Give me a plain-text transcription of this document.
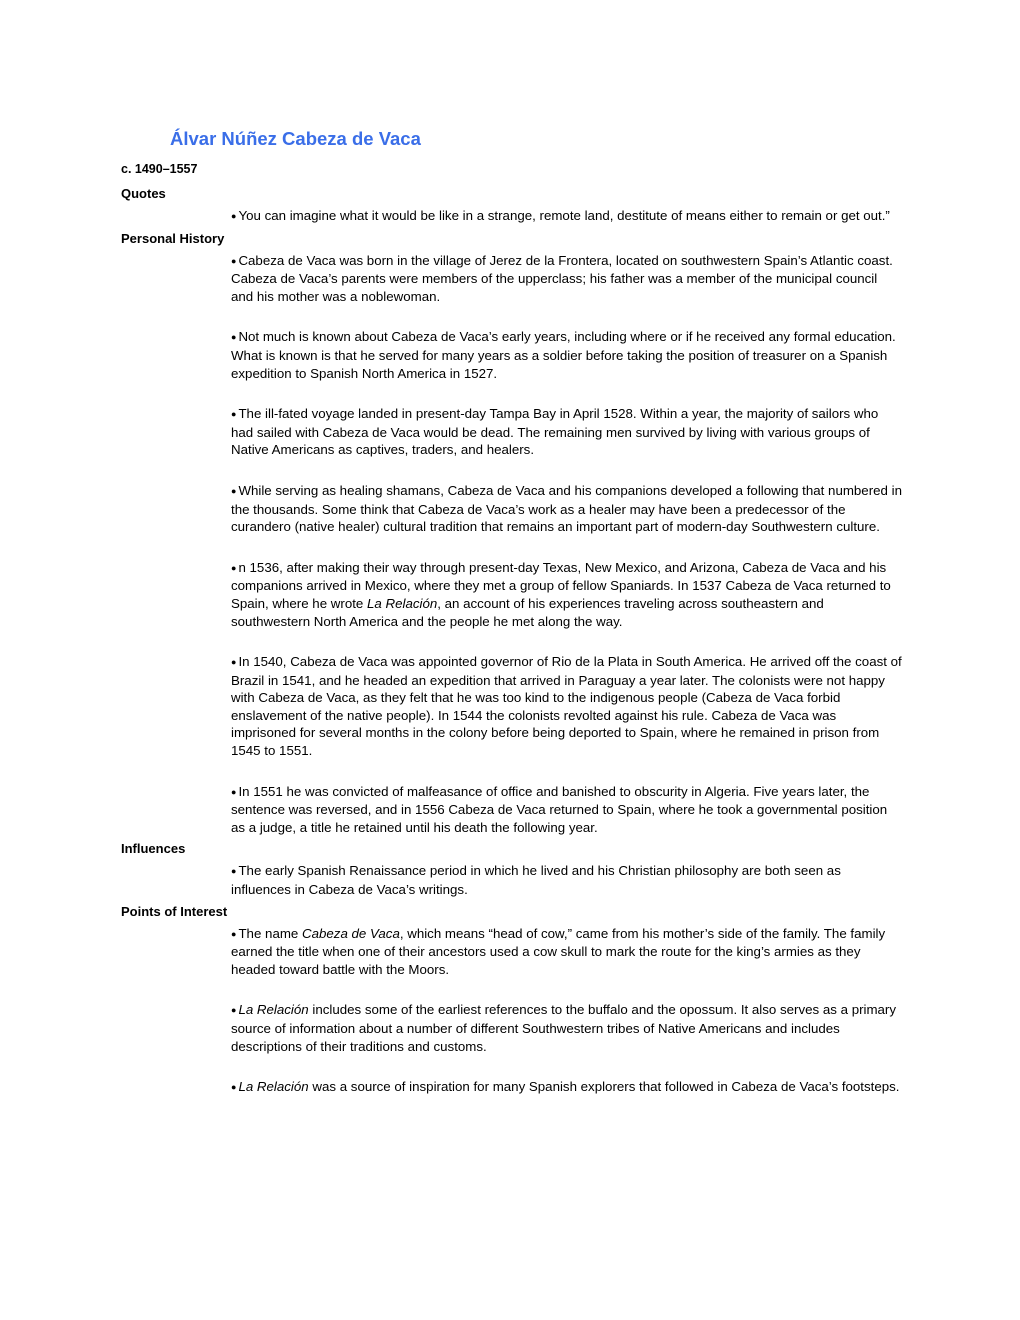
Álvar Núñez Cabeza de Vaca

c. 1490–1557

Quotes
● You can imagine what it would be like in a strange, remote land, destitute of means either to remain or get out.”
Personal History
● Cabeza de Vaca was born in the village of Jerez de la Frontera, located on southwestern Spain’s Atlantic coast. Cabeza de Vaca’s parents were members of the upperclass; his father was a member of the municipal council and his mother was a noblewoman.
● Not much is known about Cabeza de Vaca’s early years, including where or if he received any formal education. What is known is that he served for many years as a soldier before taking the position of treasurer on a Spanish expedition to Spanish North America in 1527.
● The ill-fated voyage landed in present-day Tampa Bay in April 1528. Within a year, the majority of sailors who had sailed with Cabeza de Vaca would be dead. The remaining men survived by living with various groups of Native Americans as captives, traders, and healers.
● While serving as healing shamans, Cabeza de Vaca and his companions developed a following that numbered in the thousands. Some think that Cabeza de Vaca’s work as a healer may have been a predecessor of the curandero (native healer) cultural tradition that remains an important part of modern-day Southwestern culture.
● n 1536, after making their way through present-day Texas, New Mexico, and Arizona, Cabeza de Vaca and his companions arrived in Mexico, where they met a group of fellow Spaniards. In 1537 Cabeza de Vaca returned to Spain, where he wrote La Relación, an account of his experiences traveling across southeastern and southwestern North America and the people he met along the way.
● In 1540, Cabeza de Vaca was appointed governor of Rio de la Plata in South America. He arrived off the coast of Brazil in 1541, and he headed an expedition that arrived in Paraguay a year later. The colonists were not happy with Cabeza de Vaca, as they felt that he was too kind to the indigenous people (Cabeza de Vaca forbid enslavement of the native people). In 1544 the colonists revolted against his rule. Cabeza de Vaca was imprisoned for several months in the colony before being deported to Spain, where he remained in prison from 1545 to 1551.
● In 1551 he was convicted of malfeasance of office and banished to obscurity in Algeria. Five years later, the sentence was reversed, and in 1556 Cabeza de Vaca returned to Spain, where he took a governmental position as a judge, a title he retained until his death the following year.
Influences
● The early Spanish Renaissance period in which he lived and his Christian philosophy are both seen as influences in Cabeza de Vaca’s writings.
Points of Interest
● The name Cabeza de Vaca, which means “head of cow,” came from his mother’s side of the family. The family earned the title when one of their ancestors used a cow skull to mark the route for the king’s armies as they headed toward battle with the Moors.
● La Relación includes some of the earliest references to the buffalo and the opossum. It also serves as a primary source of information about a number of different Southwestern tribes of Native Americans and includes descriptions of their traditions and customs.
● La Relación was a source of inspiration for many Spanish explorers that followed in Cabeza de Vaca’s footsteps.
